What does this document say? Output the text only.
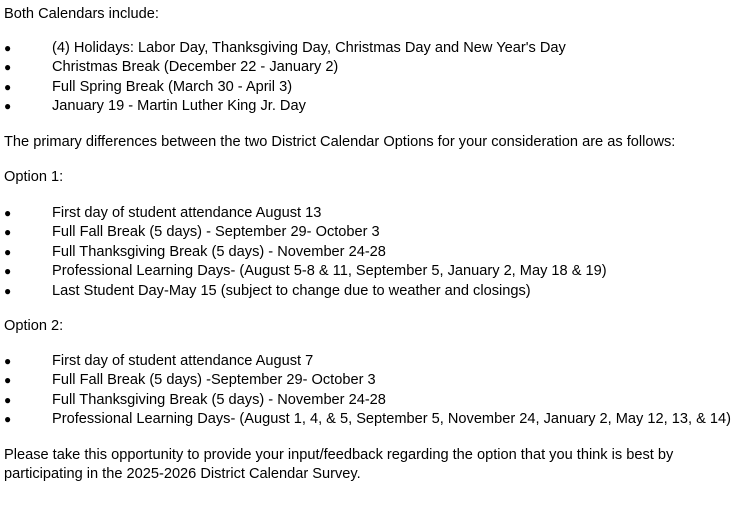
Both Calendars include:
●	(4) Holidays: Labor Day, Thanksgiving Day, Christmas Day and New Year's Day
●	Christmas Break (December 22 - January 2)
●	Full Spring Break (March 30 - April 3)
●	January 19 - Martin Luther King Jr. Day
The primary differences between the two District Calendar Options for your consideration are as follows:
Option 1:
●	First day of student attendance August 13
●	Full Fall Break (5 days) - September 29- October 3
●	Full Thanksgiving Break (5 days) - November 24-28
●	Professional Learning Days- (August 5-8 & 11, September 5, January 2, May 18 & 19)
●	Last Student Day-May 15 (subject to change due to weather and closings)
Option 2:
●	First day of student attendance August 7
●	Full Fall Break (5 days) -September 29- October 3
●	Full Thanksgiving Break (5 days) - November 24-28
●	Professional Learning Days- (August 1, 4, & 5, September 5, November 24, January 2, May 12, 13, & 14)
Please take this opportunity to provide your input/feedback regarding the option that you think is best by participating in the 2025-2026 District Calendar Survey.
